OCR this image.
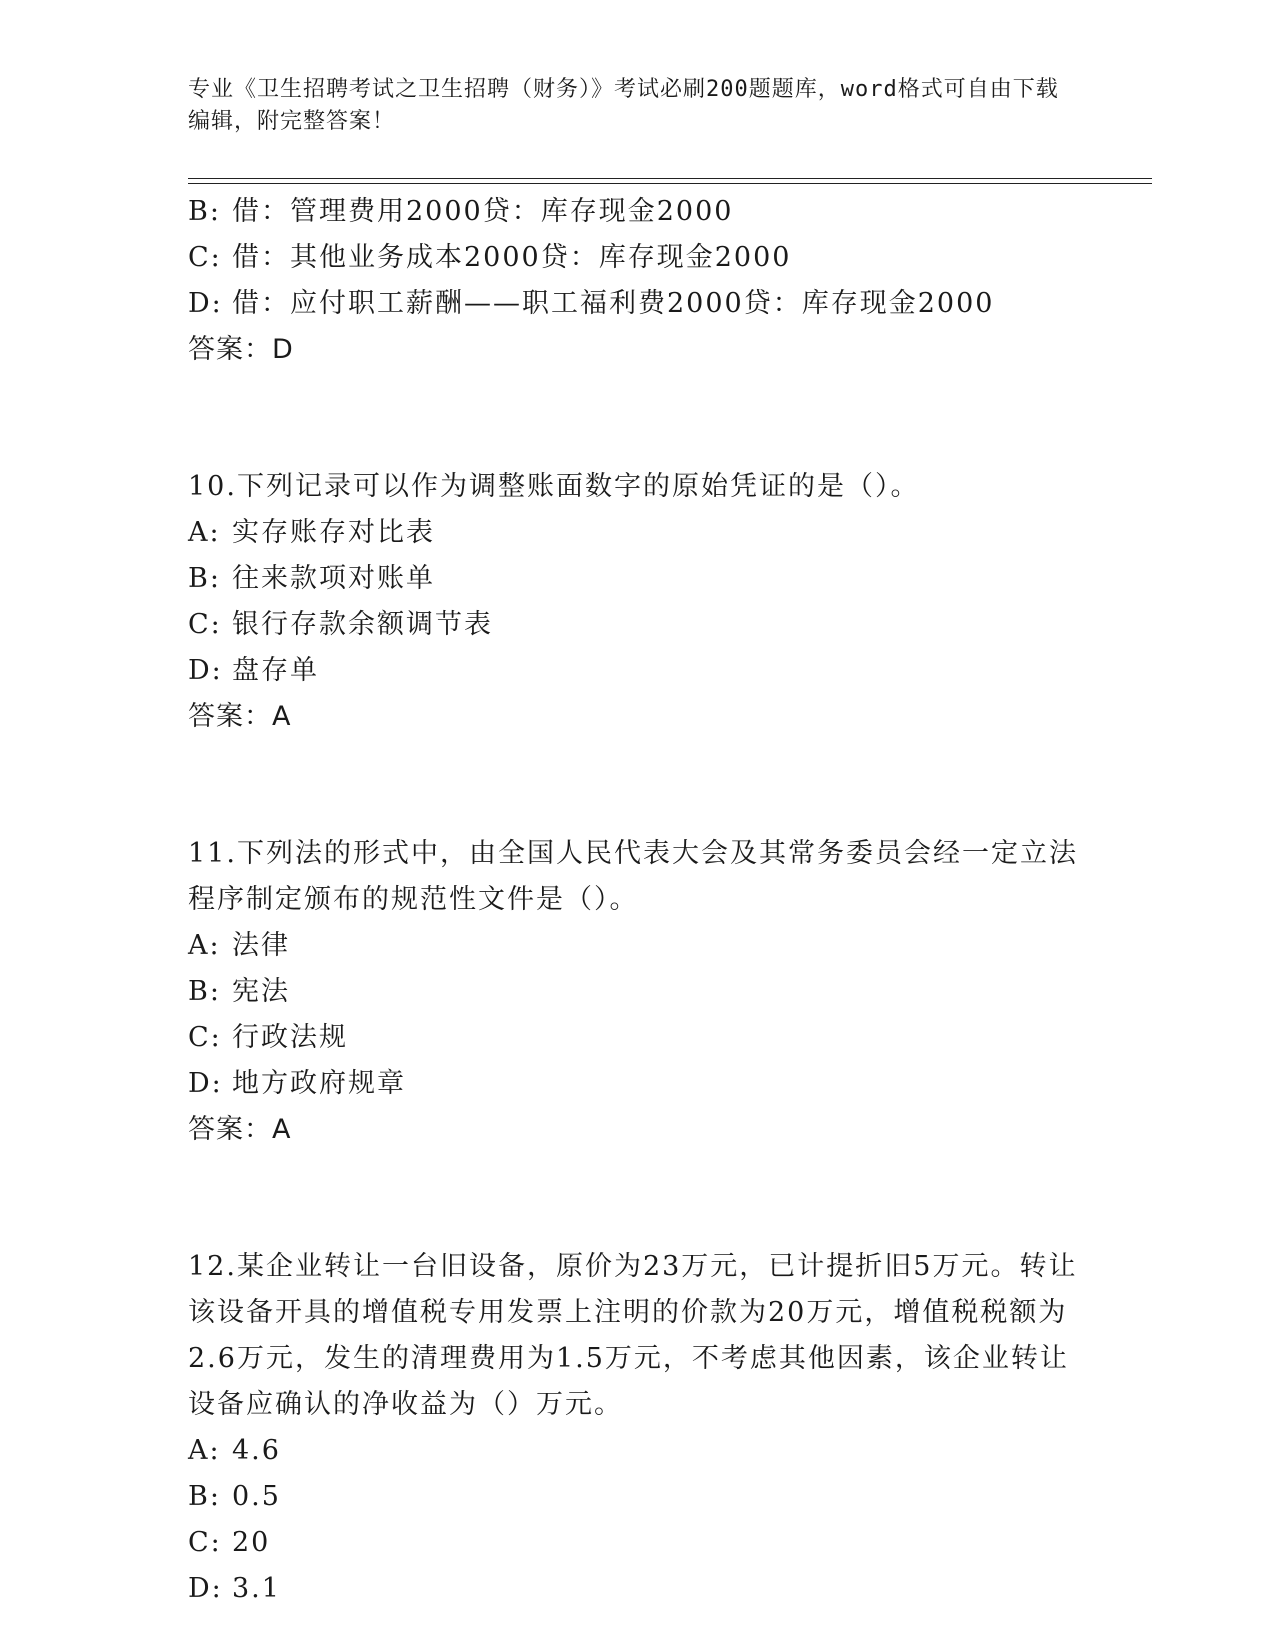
专业《卫生招聘考试之卫生招聘（财务）》考试必刷200题题库，word格式可自由下载编辑，附完整答案！
B: 借：管理费用2000贷：库存现金2000
C: 借：其他业务成本2000贷：库存现金2000
D: 借：应付职工薪酬——职工福利费2000贷：库存现金2000
答案：D
10.下列记录可以作为调整账面数字的原始凭证的是（）。
A: 实存账存对比表
B: 往来款项对账单
C: 银行存款余额调节表
D: 盘存单
答案：A
11.下列法的形式中，由全国人民代表大会及其常务委员会经一定立法程序制定颁布的规范性文件是（）。
A: 法律
B: 宪法
C: 行政法规
D: 地方政府规章
答案：A
12.某企业转让一台旧设备，原价为23万元，已计提折旧5万元。转让该设备开具的增值税专用发票上注明的价款为20万元，增值税税额为2.6万元，发生的清理费用为1.5万元，不考虑其他因素，该企业转让设备应确认的净收益为（）万元。
A: 4.6
B: 0.5
C: 20
D: 3.1
